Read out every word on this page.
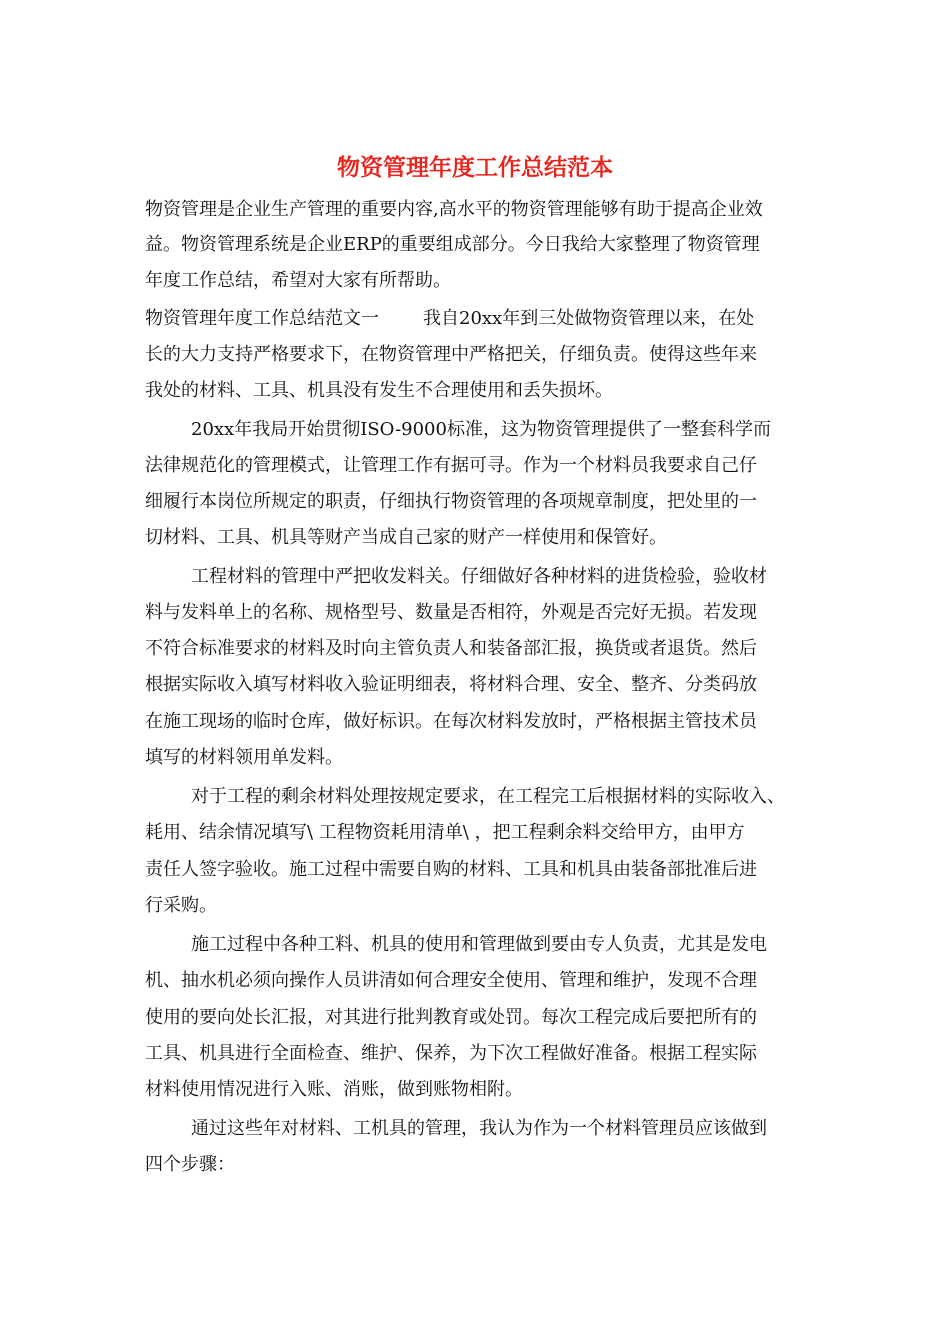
物资管理年度工作总结范本

物资管理是企业生产管理的重要内容,高水平的物资管理能够有助于提高企业效

益。物资管理系统是企业ERP的重要组成部分。今日我给大家整理了物资管理

年度工作总结，希望对大家有所帮助。

物资管理年度工作总结范文一 我自20xx年到三处做物资管理以来，在处

长的大力支持严格要求下，在物资管理中严格把关，仔细负责。使得这些年来

我处的材料、工具、机具没有发生不合理使用和丢失损坏。

20xx年我局开始贯彻ISO-9000标准，这为物资管理提供了一整套科学而

法律规范化的管理模式，让管理工作有据可寻。作为一个材料员我要求自己仔

细履行本岗位所规定的职责，仔细执行物资管理的各项规章制度，把处里的一

切材料、工具、机具等财产当成自己家的财产一样使用和保管好。

工程材料的管理中严把收发料关。仔细做好各种材料的进货检验，验收材

料与发料单上的名称、规格型号、数量是否相符，外观是否完好无损。若发现

不符合标准要求的材料及时向主管负责人和装备部汇报，换货或者退货。然后

根据实际收入填写材料收入验证明细表，将材料合理、安全、整齐、分类码放

在施工现场的临时仓库，做好标识。在每次材料发放时，严格根据主管技术员

填写的材料领用单发料。

对于工程的剩余材料处理按规定要求，在工程完工后根据材料的实际收入、

耗用、结余情况填写\ 工程物资耗用清单\ ，把工程剩余料交给甲方，由甲方

责任人签字验收。施工过程中需要自购的材料、工具和机具由装备部批准后进

行采购。

施工过程中各种工料、机具的使用和管理做到要由专人负责，尤其是发电

机、抽水机必须向操作人员讲清如何合理安全使用、管理和维护，发现不合理

使用的要向处长汇报，对其进行批判教育或处罚。每次工程完成后要把所有的

工具、机具进行全面检查、维护、保养，为下次工程做好准备。根据工程实际

材料使用情况进行入账、消账，做到账物相附。

通过这些年对材料、工机具的管理，我认为作为一个材料管理员应该做到

四个步骤：
